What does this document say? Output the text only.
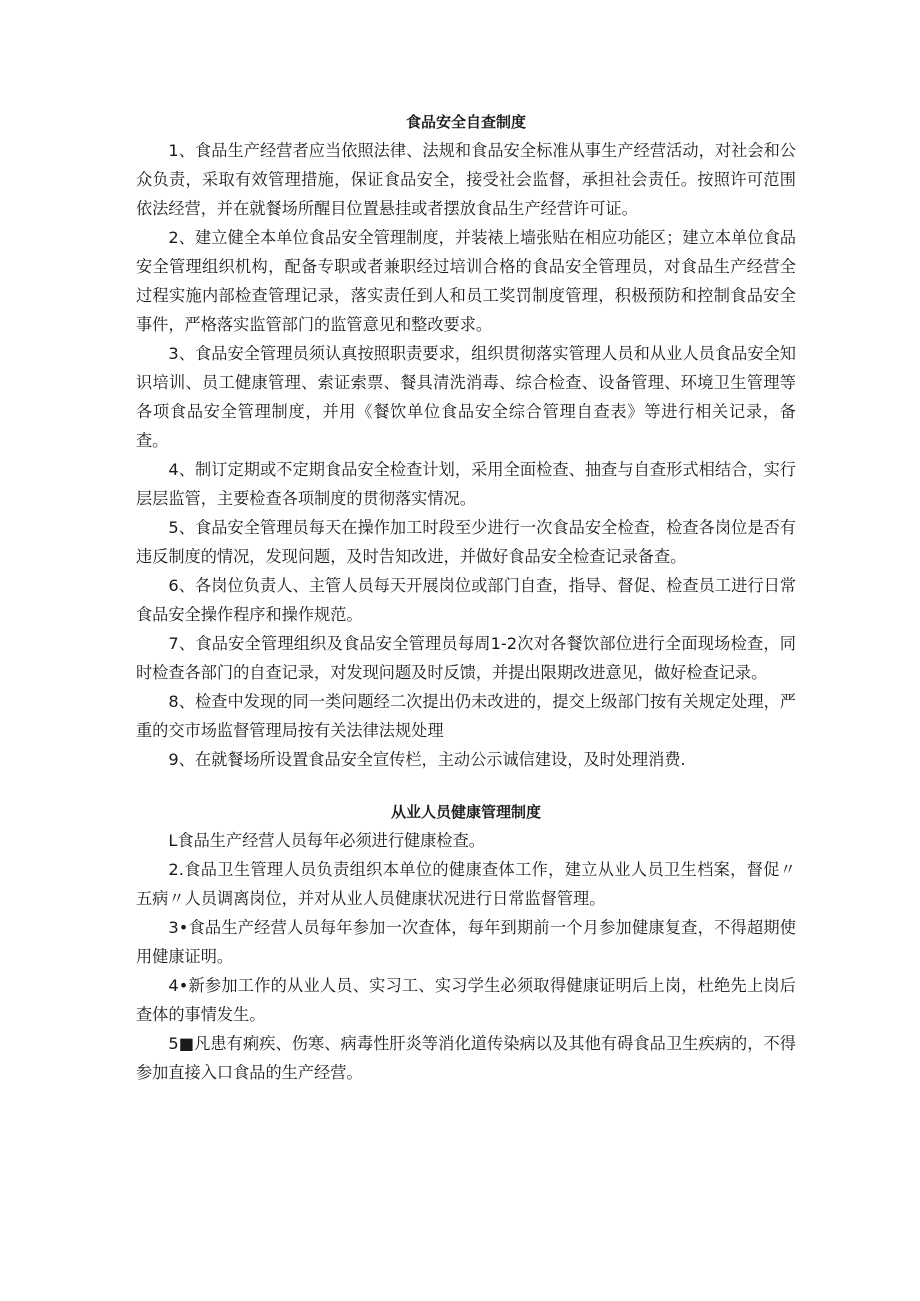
食品安全自查制度

1、食品生产经营者应当依照法律、法规和食品安全标准从事生产经营活动，对社会和公众负责，采取有效管理措施，保证食品安全，接受社会监督，承担社会责任。按照许可范围依法经营，并在就餐场所醒目位置悬挂或者摆放食品生产经营许可证。

2、建立健全本单位食品安全管理制度，并装裱上墙张贴在相应功能区；建立本单位食品安全管理组织机构，配备专职或者兼职经过培训合格的食品安全管理员，对食品生产经营全过程实施内部检查管理记录，落实责任到人和员工奖罚制度管理，积极预防和控制食品安全事件，严格落实监管部门的监管意见和整改要求。

3、食品安全管理员须认真按照职责要求，组织贯彻落实管理人员和从业人员食品安全知识培训、员工健康管理、索证索票、餐具清洗消毒、综合检查、设备管理、环境卫生管理等各项食品安全管理制度，并用《餐饮单位食品安全综合管理自查表》等进行相关记录，备查。

4、制订定期或不定期食品安全检查计划，采用全面检查、抽查与自查形式相结合，实行层层监管，主要检查各项制度的贯彻落实情况。

5、食品安全管理员每天在操作加工时段至少进行一次食品安全检查，检查各岗位是否有违反制度的情况，发现问题，及时告知改进，并做好食品安全检查记录备查。

6、各岗位负责人、主管人员每天开展岗位或部门自查，指导、督促、检查员工进行日常食品安全操作程序和操作规范。

7、食品安全管理组织及食品安全管理员每周1-2次对各餐饮部位进行全面现场检查，同时检查各部门的自查记录，对发现问题及时反馈，并提出限期改进意见，做好检查记录。

8、检查中发现的同一类问题经二次提出仍未改进的，提交上级部门按有关规定处理，严重的交市场监督管理局按有关法律法规处理

9、在就餐场所设置食品安全宣传栏，主动公示诚信建设，及时处理消费.

从业人员健康管理制度

L食品生产经营人员每年必须进行健康检查。

2.食品卫生管理人员负责组织本单位的健康查体工作，建立从业人员卫生档案，督促〃五病〃人员调离岗位，并对从业人员健康状况进行日常监督管理。

3•食品生产经营人员每年参加一次查体，每年到期前一个月参加健康复查，不得超期使用健康证明。

4•新参加工作的从业人员、实习工、实习学生必须取得健康证明后上岗，杜绝先上岗后查体的事情发生。

5■凡患有痢疾、伤寒、病毒性肝炎等消化道传染病以及其他有碍食品卫生疾病的，不得参加直接入口食品的生产经营。
